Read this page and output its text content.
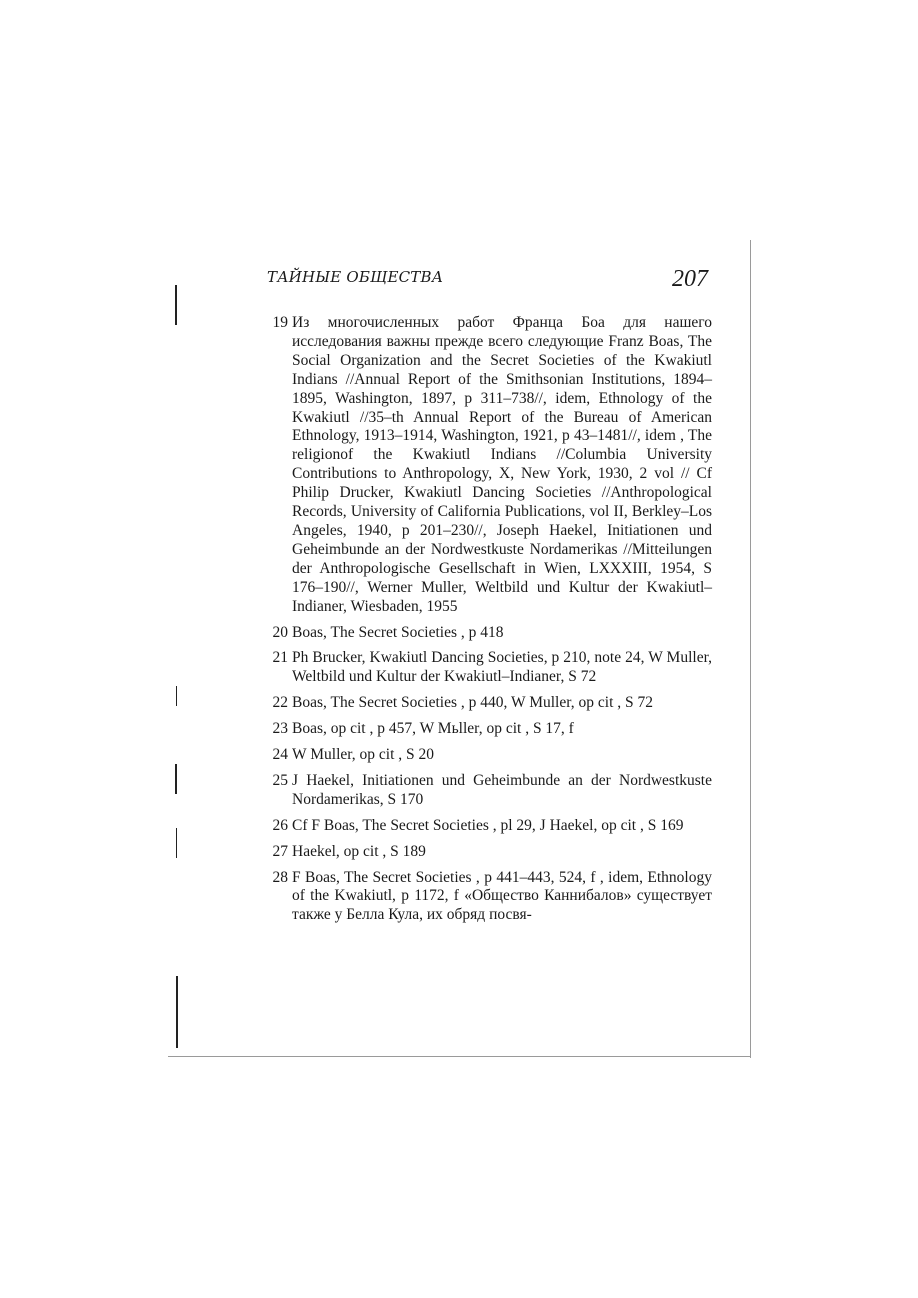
ТАЙНЫЕ ОБЩЕСТВА	207
19 Из многочисленных работ Франца Боа для нашего исследования важны прежде всего следующие Franz Boas, The Social Organization and the Secret Societies of the Kwakiutl Indians //Annual Report of the Smithsonian Institutions, 1894–1895, Washington, 1897, p 311–738//, idem, Ethnology of the Kwakiutl //35–th Annual Report of the Bureau of American Ethnology, 1913–1914, Washington, 1921, p 43–1481//, idem , The religionof the Kwakiutl Indians //Columbia University Contributions to Anthropology, X, New York, 1930, 2 vol // Cf Philip Drucker, Kwakiutl Dancing Societies //Anthropological Records, University of California Publications, vol II, Berkley–Los Angeles, 1940, p 201–230//, Joseph Haekel, Initiationen und Geheimbunde an der Nordwestkuste Nordamerikas //Mitteilungen der Anthropologische Gesellschaft in Wien, LXXXIII, 1954, S 176–190//, Werner Muller, Weltbild und Kultur der Kwakiutl–Indianer, Wiesbaden, 1955
20 Boas, The Secret Societies , p 418
21 Ph Brucker, Kwakiutl Dancing Societies, p 210, note 24, W Muller, Weltbild und Kultur der Kwakiutl–Indianer, S 72
22 Boas, The Secret Societies , p 440, W Muller, op cit , S 72
23 Boas, op cit , p 457, W Mьller, op cit , S 17, f
24 W Muller, op cit , S 20
25 J Haekel, Initiationen und Geheimbunde an der Nordwestkuste Nordamerikas, S 170
26 Cf F Boas, The Secret Societies , pl 29, J Haekel, op cit , S 169
27 Haekel, op cit , S 189
28 F Boas, The Secret Societies , p 441–443, 524, f , idem, Ethnology of the Kwakiutl, p 1172, f «Общество Каннибалов» существует также у Белла Кула, их обряд посвя-
